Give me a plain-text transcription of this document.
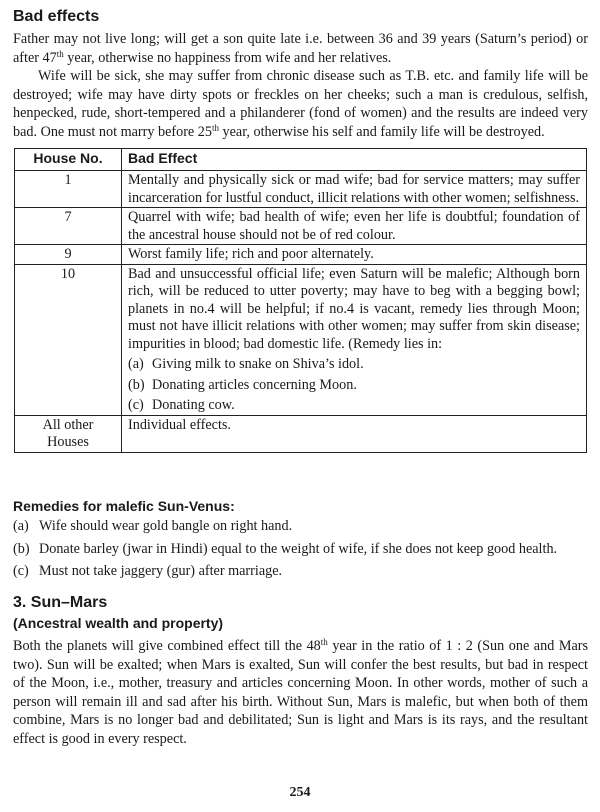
Bad effects

Father may not live long; will get a son quite late i.e. between 36 and 39 years (Saturn’s period) or after 47th year, otherwise no happiness from wife and her relatives.

Wife will be sick, she may suffer from chronic disease such as T.B. etc. and family life will be destroyed; wife may have dirty spots or freckles on her cheeks; such a man is credulous, selfish, henpecked, rude, short-tempered and a philanderer (fond of women) and the results are indeed very bad. One must not marry before 25th year, otherwise his self and family life will be destroyed.

House No.	Bad Effect
1	Mentally and physically sick or mad wife; bad for service matters; may suffer incarceration for lustful conduct, illicit relations with other women; selfishness.
7	Quarrel with wife; bad health of wife; even her life is doubtful; foundation of the ancestral house should not be of red colour.
9	Worst family life; rich and poor alternately.
10	Bad and unsuccessful official life; even Saturn will be malefic; Although born rich, will be reduced to utter poverty; may have to beg with a begging bowl; planets in no.4 will be helpful; if no.4 is vacant, remedy lies through Moon; must not have illicit relations with other women; may suffer from skin disease; impurities in blood; bad domestic life. (Remedy lies in:
(a) Giving milk to snake on Shiva’s idol.
(b) Donating articles concerning Moon.
(c) Donating cow.

All other Houses	Individual effects.
Remedies for malefic Sun-Venus:
(a) Wife should wear gold bangle on right hand.
(b) Donate barley (jwar in Hindi) equal to the weight of wife, if she does not keep good health.
(c) Must not take jaggery (gur) after marriage.
3. Sun–Mars
(Ancestral wealth and property)

Both the planets will give combined effect till the 48th year in the ratio of 1 : 2 (Sun one and Mars two). Sun will be exalted; when Mars is exalted, Sun will confer the best results, but bad in respect of the Moon, i.e., mother, treasury and articles concerning Moon. In other words, mother of such a person will remain ill and sad after his birth. Without Sun, Mars is malefic, but when both of them combine, Mars is no longer bad and debilitated; Sun is light and Mars is its rays, and the resultant effect is good in every respect.

254
